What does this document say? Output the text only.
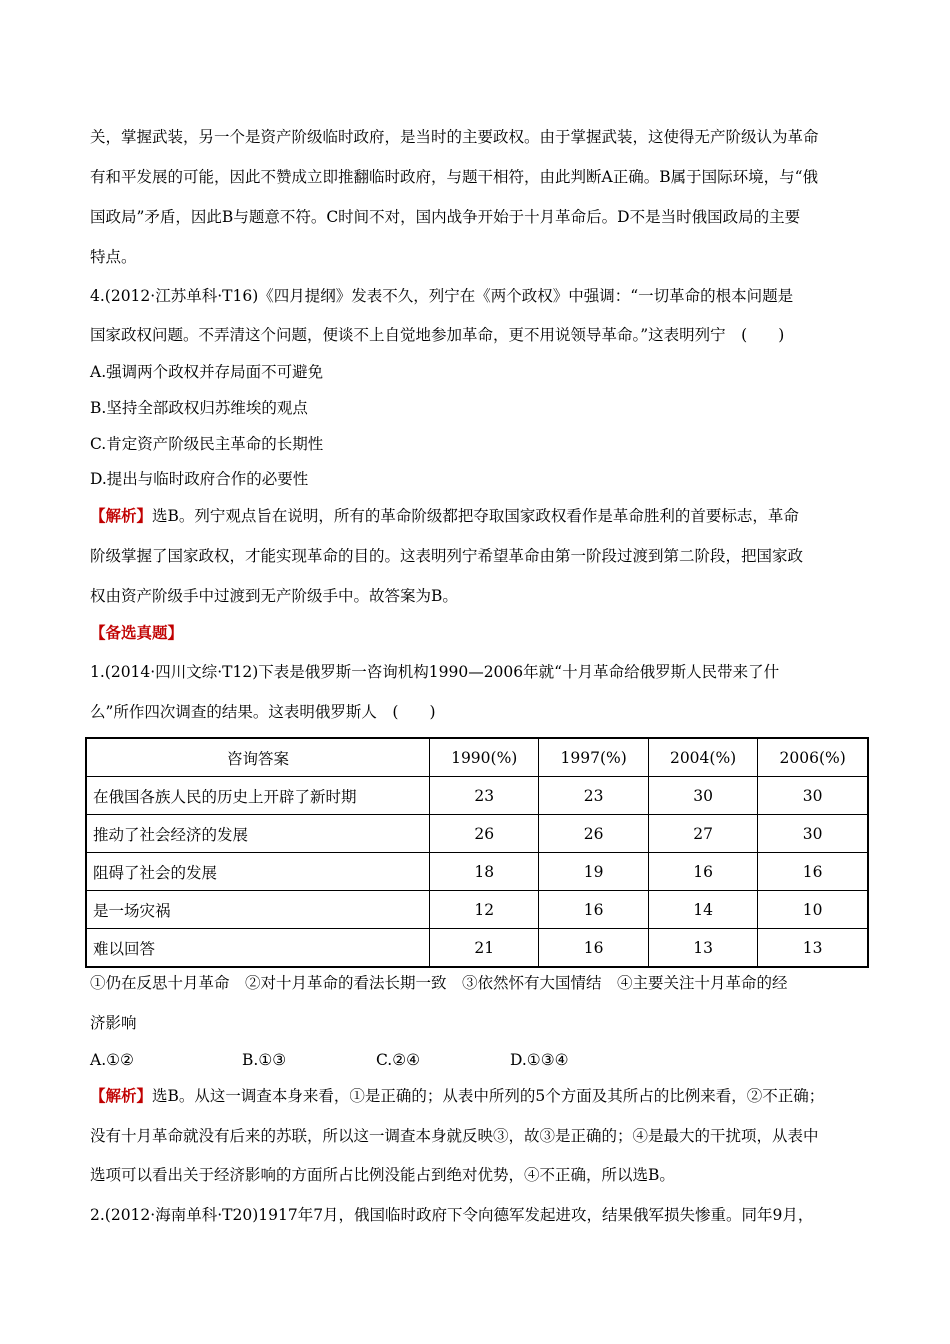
关，掌握武装，另一个是资产阶级临时政府，是当时的主要政权。由于掌握武装，这使得无产阶级认为革命
有和平发展的可能，因此不赞成立即推翻临时政府，与题干相符，由此判断A正确。B属于国际环境，与“俄
国政局”矛盾，因此B与题意不符。C时间不对，国内战争开始于十月革命后。D不是当时俄国政局的主要
特点。
4.(2012·江苏单科·T16)《四月提纲》发表不久，列宁在《两个政权》中强调：“一切革命的根本问题是
国家政权问题。不弄清这个问题，便谈不上自觉地参加革命，更不用说领导革命。”这表明列宁　(　　)
A.强调两个政权并存局面不可避免
B.坚持全部政权归苏维埃的观点
C.肯定资产阶级民主革命的长期性
D.提出与临时政府合作的必要性
【解析】选B。列宁观点旨在说明，所有的革命阶级都把夺取国家政权看作是革命胜利的首要标志，革命
阶级掌握了国家政权，才能实现革命的目的。这表明列宁希望革命由第一阶段过渡到第二阶段，把国家政
权由资产阶级手中过渡到无产阶级手中。故答案为B。
【备选真题】
1.(2014·四川文综·T12)下表是俄罗斯一咨询机构1990—2006年就“十月革命给俄罗斯人民带来了什
么”所作四次调查的结果。这表明俄罗斯人　(　　)
咨询答案	1990(%)	1997(%)	2004(%)	2006(%)
在俄国各族人民的历史上开辟了新时期	23	23	30	30
推动了社会经济的发展	26	26	27	30
阻碍了社会的发展	18	19	16	16
是一场灾祸	12	16	14	10
难以回答	21	16	13	13
①仍在反思十月革命　②对十月革命的看法长期一致　③依然怀有大国情结　④主要关注十月革命的经
济影响
A.①②	B.①③	C.②④	D.①③④
【解析】选B。从这一调查本身来看，①是正确的；从表中所列的5个方面及其所占的比例来看，②不正确；
没有十月革命就没有后来的苏联，所以这一调查本身就反映③，故③是正确的；④是最大的干扰项，从表中
选项可以看出关于经济影响的方面所占比例没能占到绝对优势，④不正确，所以选B。
2.(2012·海南单科·T20)1917年7月，俄国临时政府下令向德军发起进攻，结果俄军损失惨重。同年9月，
